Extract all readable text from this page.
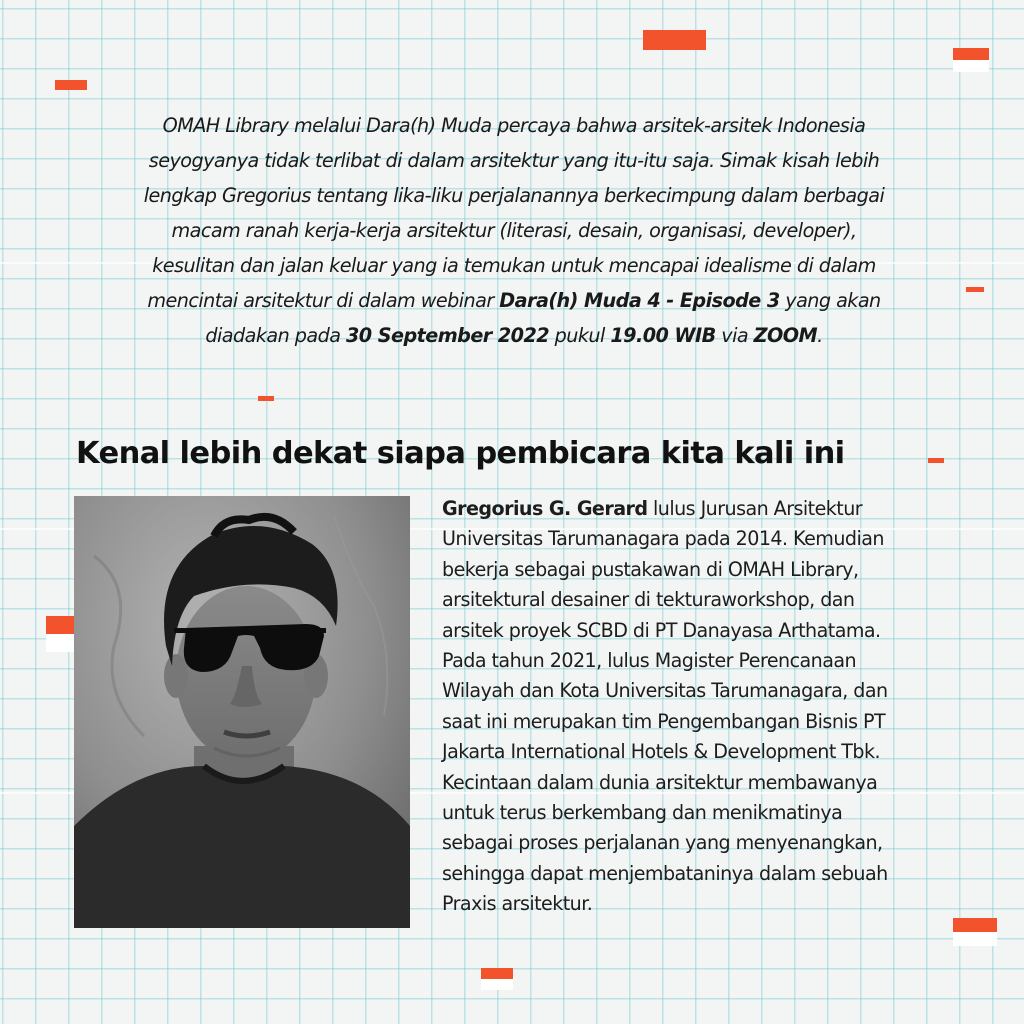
OMAH Library melalui Dara(h) Muda percaya bahwa arsitek-arsitek Indonesia
seyogyanya tidak terlibat di dalam arsitektur yang itu-itu saja. Simak kisah lebih
lengkap Gregorius tentang lika-liku perjalanannya berkecimpung dalam berbagai
macam ranah kerja-kerja arsitektur (literasi, desain, organisasi, developer),
kesulitan dan jalan keluar yang ia temukan untuk mencapai idealisme di dalam
mencintai arsitektur di dalam webinar Dara(h) Muda 4 - Episode 3 yang akan
diadakan pada 30 September 2022 pukul 19.00 WIB via ZOOM.
Kenal lebih dekat siapa pembicara kita kali ini
Gregorius G. Gerard lulus Jurusan Arsitektur
Universitas Tarumanagara pada 2014. Kemudian
bekerja sebagai pustakawan di OMAH Library,
arsitektural desainer di tekturaworkshop, dan
arsitek proyek SCBD di PT Danayasa Arthatama.
Pada tahun 2021, lulus Magister Perencanaan
Wilayah dan Kota Universitas Tarumanagara, dan
saat ini merupakan tim Pengembangan Bisnis PT
Jakarta International Hotels & Development Tbk.
Kecintaan dalam dunia arsitektur membawanya
untuk terus berkembang dan menikmatinya
sebagai proses perjalanan yang menyenangkan,
sehingga dapat menjembataninya dalam sebuah
Praxis arsitektur.
